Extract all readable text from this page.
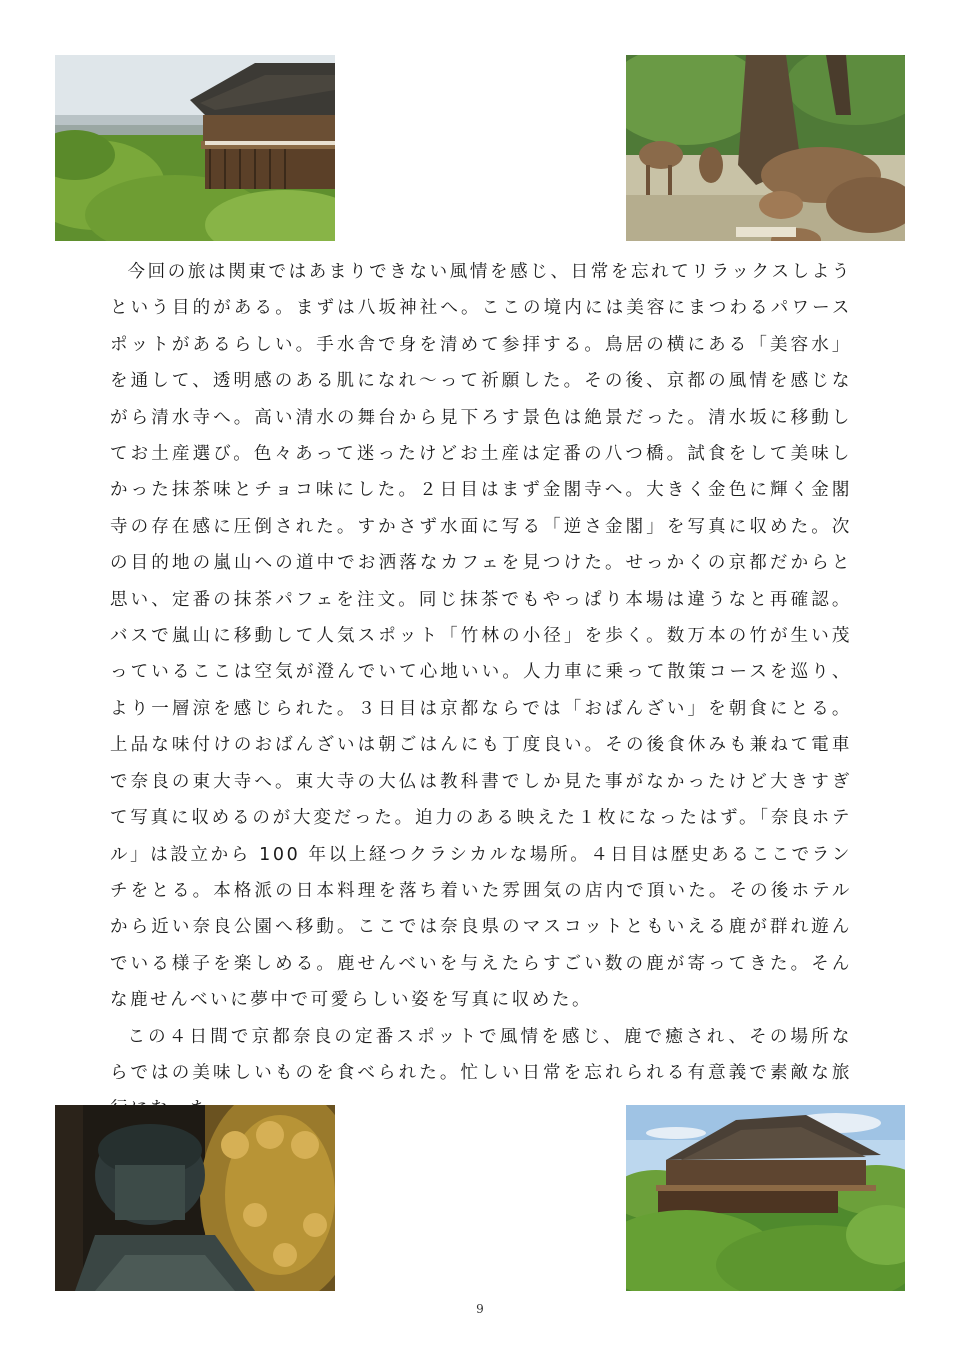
今回の旅は関東ではあまりできない風情を感じ、日常を忘れてリラックスしようという目的がある。まずは八坂神社へ。ここの境内には美容にまつわるパワースポットがあるらしい。手水舎で身を清めて参拝する。鳥居の横にある「美容水」を通して、透明感のある肌になれ〜って祈願した。その後、京都の風情を感じながら清水寺へ。高い清水の舞台から見下ろす景色は絶景だった。清水坂に移動してお土産選び。色々あって迷ったけどお土産は定番の八つ橋。試食をして美味しかった抹茶味とチョコ味にした。２日目はまず金閣寺へ。大きく金色に輝く金閣寺の存在感に圧倒された。すかさず水面に写る「逆さ金閣」を写真に収めた。次の目的地の嵐山への道中でお洒落なカフェを見つけた。せっかくの京都だからと思い、定番の抹茶パフェを注文。同じ抹茶でもやっぱり本場は違うなと再確認。バスで嵐山に移動して人気スポット「竹林の小径」を歩く。数万本の竹が生い茂っているここは空気が澄んでいて心地いい。人力車に乗って散策コースを巡り、より一層涼を感じられた。３日目は京都ならでは「おばんざい」を朝食にとる。上品な味付けのおばんざいは朝ごはんにも丁度良い。その後食休みも兼ねて電車で奈良の東大寺へ。東大寺の大仏は教科書でしか見た事がなかったけど大きすぎて写真に収めるのが大変だった。迫力のある映えた１枚になったはず。「奈良ホテル」は設立から 100 年以上経つクラシカルな場所。４日目は歴史あるここでランチをとる。本格派の日本料理を落ち着いた雰囲気の店内で頂いた。その後ホテルから近い奈良公園へ移動。ここでは奈良県のマスコットともいえる鹿が群れ遊んでいる様子を楽しめる。鹿せんべいを与えたらすごい数の鹿が寄ってきた。そんな鹿せんべいに夢中で可愛らしい姿を写真に収めた。

この４日間で京都奈良の定番スポットで風情を感じ、鹿で癒され、その場所ならではの美味しいものを食べられた。忙しい日常を忘れられる有意義で素敵な旅

9
